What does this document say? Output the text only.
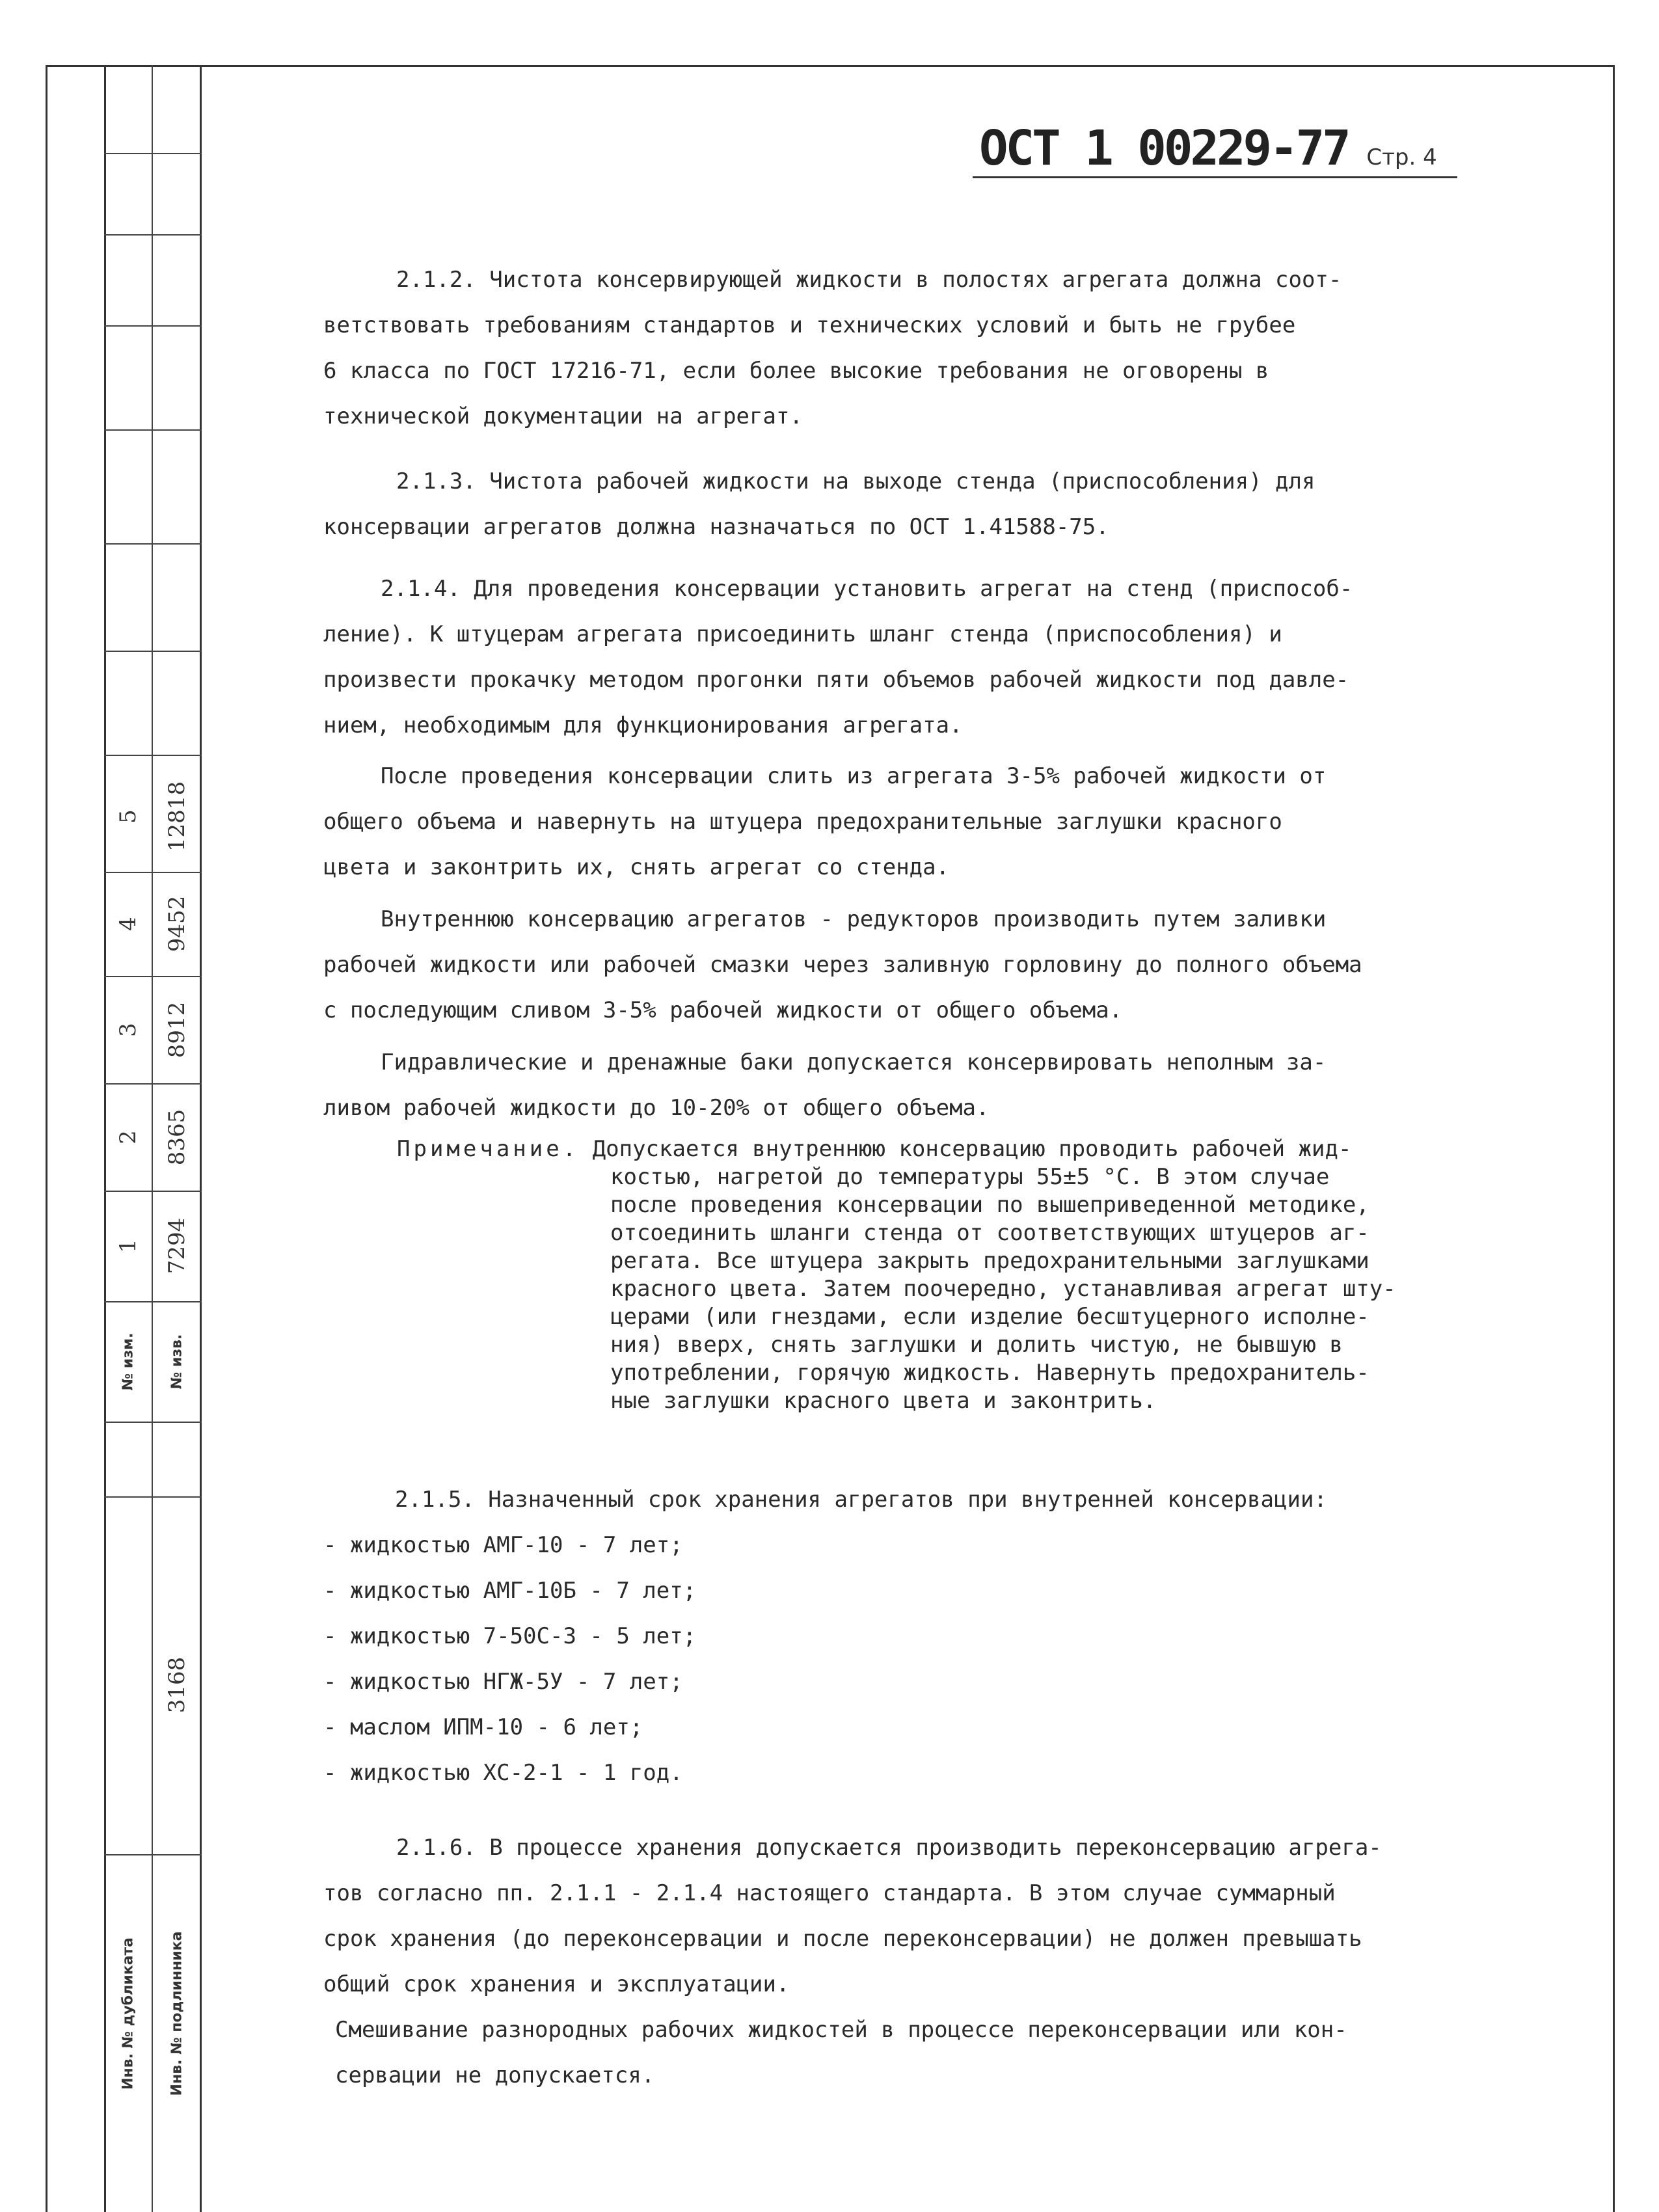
5 12818
4 9452
3 8912
2 8365
1 7294
№ изм. № изв.
3168
Инв. № дубликата Инв. № подлинника
ОСТ 1 00229-77 Стр. 4
2.1.2. Чистота консервирующей жидкости в полостях агрегата должна соот-
ветствовать требованиям стандартов и технических условий и быть не грубее
6 класса по ГОСТ 17216-71, если более высокие требования не оговорены в
технической документации на агрегат.
2.1.3. Чистота рабочей жидкости на выходе стенда (приспособления) для
консервации агрегатов должна назначаться по ОСТ 1.41588-75.
2.1.4. Для проведения консервации установить агрегат на стенд (приспособ-
ление). К штуцерам агрегата присоединить шланг стенда (приспособления) и
произвести прокачку методом прогонки пяти объемов рабочей жидкости под давле-
нием, необходимым для функционирования агрегата.
После проведения консервации слить из агрегата 3-5% рабочей жидкости от
общего объема и навернуть на штуцера предохранительные заглушки красного
цвета и законтрить их, снять агрегат со стенда.
Внутреннюю консервацию агрегатов - редукторов производить путем заливки
рабочей жидкости или рабочей смазки через заливную горловину до полного объема
с последующим сливом 3-5% рабочей жидкости от общего объема.
Гидравлические и дренажные баки допускается консервировать неполным за-
ливом рабочей жидкости до 10-20% от общего объема.
Примечание. Допускается внутреннюю консервацию проводить рабочей жид-
костью, нагретой до температуры 55±5 °С. В этом случае
после проведения консервации по вышеприведенной методике,
отсоединить шланги стенда от соответствующих штуцеров аг-
регата. Все штуцера закрыть предохранительными заглушками
красного цвета. Затем поочередно, устанавливая агрегат шту-
церами (или гнездами, если изделие бесштуцерного исполне-
ния) вверх, снять заглушки и долить чистую, не бывшую в
употреблении, горячую жидкость. Навернуть предохранитель-
ные заглушки красного цвета и законтрить.
2.1.5. Назначенный срок хранения агрегатов при внутренней консервации:
- жидкостью АМГ-10 - 7 лет;
- жидкостью АМГ-10Б - 7 лет;
- жидкостью 7-50С-3 - 5 лет;
- жидкостью НГЖ-5У - 7 лет;
- маслом ИПМ-10 - 6 лет;
- жидкостью ХС-2-1 - 1 год.
2.1.6. В процессе хранения допускается производить переконсервацию агрега-
тов согласно пп. 2.1.1 - 2.1.4 настоящего стандарта. В этом случае суммарный
срок хранения (до переконсервации и после переконсервации) не должен превышать
общий срок хранения и эксплуатации.
Смешивание разнородных рабочих жидкостей в процессе переконсервации или кон-
сервации не допускается.
